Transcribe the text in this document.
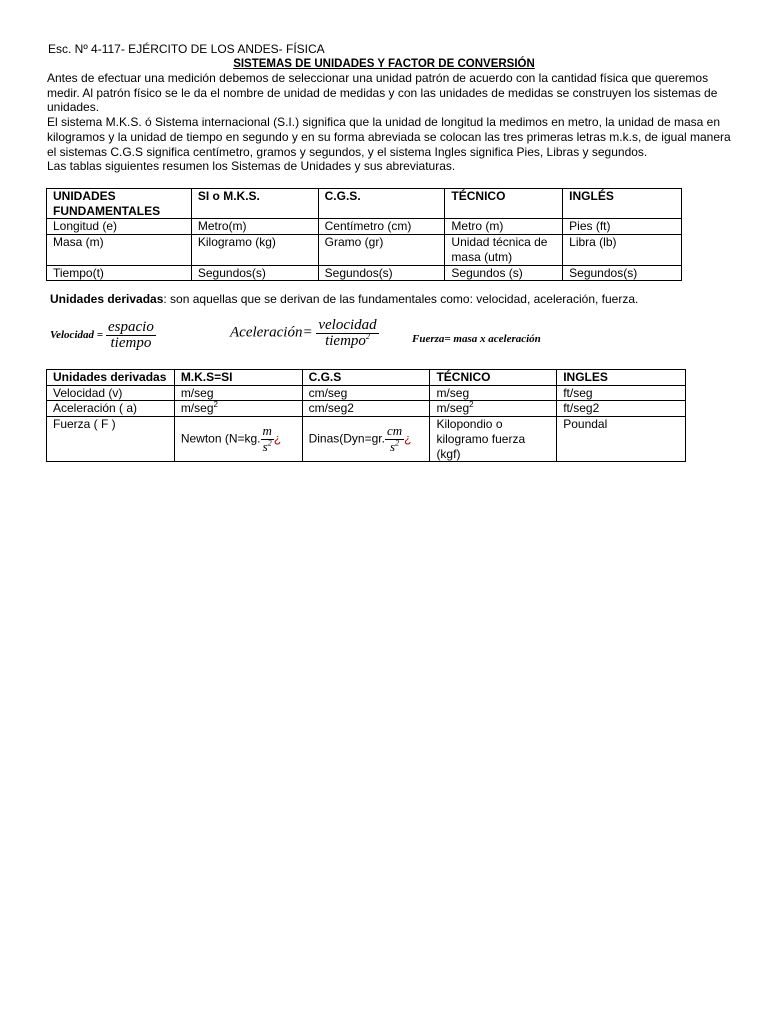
Esc. Nº 4-117- EJÉRCITO DE LOS ANDES- FÍSICA
SISTEMAS DE UNIDADES Y FACTOR DE CONVERSIÓN

Antes de efectuar una medición debemos de seleccionar una unidad patrón de acuerdo con la cantidad física que queremos medir. Al patrón físico se le da el nombre de unidad de medidas y con las unidades de medidas se construyen los sistemas de unidades.

El sistema M.K.S. ó Sistema internacional (S.I.) significa que la unidad de longitud la medimos en metro, la unidad de masa en kilogramos y la unidad de tiempo en segundo y en su forma abreviada se colocan las tres primeras letras m.k.s, de igual manera el sistemas C.G.S significa centímetro, gramos y segundos, y el sistema Ingles significa Pies, Libras y segundos.

Las tablas siguientes resumen los Sistemas de Unidades y sus abreviaturas.

UNIDADES FUNDAMENTALES	SI o M.K.S.	C.G.S.	TÉCNICO	INGLÉS
Longitud (e)	Metro(m)	Centímetro (cm)	Metro (m)	Pies (ft)
Masa (m)	Kilogramo (kg)	Gramo (gr)	Unidad técnica de masa (utm)	Libra (lb)
Tiempo(t)	Segundos(s)	Segundos(s)	Segundos (s)	Segundos(s)
Unidades derivadas: son aquellas que se derivan de las fundamentales como: velocidad, aceleración, fuerza.
Velocidad = $\frac{\text{espacio}}{\text{tiempo}}$	Aceleración= $\frac{\text{velocidad}}{tiempo^2}$	Fuerza= masa x aceleración
Unidades derivadas	M.K.S=SI	C.G.S	TÉCNICO	INGLES
Velocidad (v)	m/seg	cm/seg	m/seg	ft/seg
Aceleración ( a)	m/seg$^2$	cm/seg2	m/seg$^2$	ft/seg2
Fuerza ( F )	Newton (N=kg. $\frac{m}{s^2}$ ¿	Dinas(Dyn=gr. $\frac{cm}{s^2}$ ¿	Kilopondio o kilogramo fuerza (kgf)	Poundal
